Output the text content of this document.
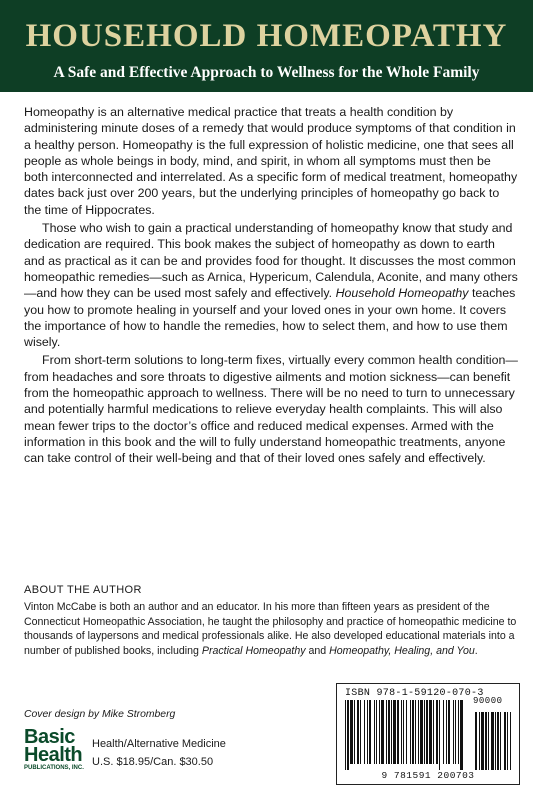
HOUSEHOLD HOMEOPATHY
A Safe and Effective Approach to Wellness for the Whole Family

Homeopathy is an alternative medical practice that treats a health condition by administering minute doses of a remedy that would produce symptoms of that condition in a healthy person. Homeopathy is the full expression of holistic medicine, one that sees all people as whole beings in body, mind, and spirit, in whom all symptoms must then be both interconnected and interrelated. As a specific form of medical treatment, homeopathy dates back just over 200 years, but the underlying principles of homeopathy go back to the time of Hippocrates.

Those who wish to gain a practical understanding of homeopathy know that study and dedication are required. This book makes the subject of homeopathy as down to earth and as practical as it can be and provides food for thought. It discusses the most common homeopathic remedies—such as Arnica, Hypericum, Calendula, Aconite, and many others—and how they can be used most safely and effectively. Household Homeopathy teaches you how to promote healing in yourself and your loved ones in your own home. It covers the importance of how to handle the remedies, how to select them, and how to use them wisely.

From short-term solutions to long-term fixes, virtually every common health condition—from headaches and sore throats to digestive ailments and motion sickness—can benefit from the homeopathic approach to wellness. There will be no need to turn to unnecessary and potentially harmful medications to relieve everyday health complaints. This will also mean fewer trips to the doctor’s office and reduced medical expenses. Armed with the information in this book and the will to fully understand homeopathic treatments, anyone can take control of their well-being and that of their loved ones safely and effectively.

ABOUT THE AUTHOR
Vinton McCabe is both an author and an educator. In his more than fifteen years as president of the Connecticut Homeopathic Association, he taught the philosophy and practice of homeopathic medicine to thousands of laypersons and medical professionals alike. He also developed educational materials into a number of published books, including Practical Homeopathy and Homeopathy, Healing, and You.
Cover design by Mike Stromberg
Basic
Health
PUBLICATIONS, INC.
Health/Alternative Medicine
U.S. $18.95/Can. $30.50
ISBN 978-1-59120-070-3
90000
9 781591 200703
